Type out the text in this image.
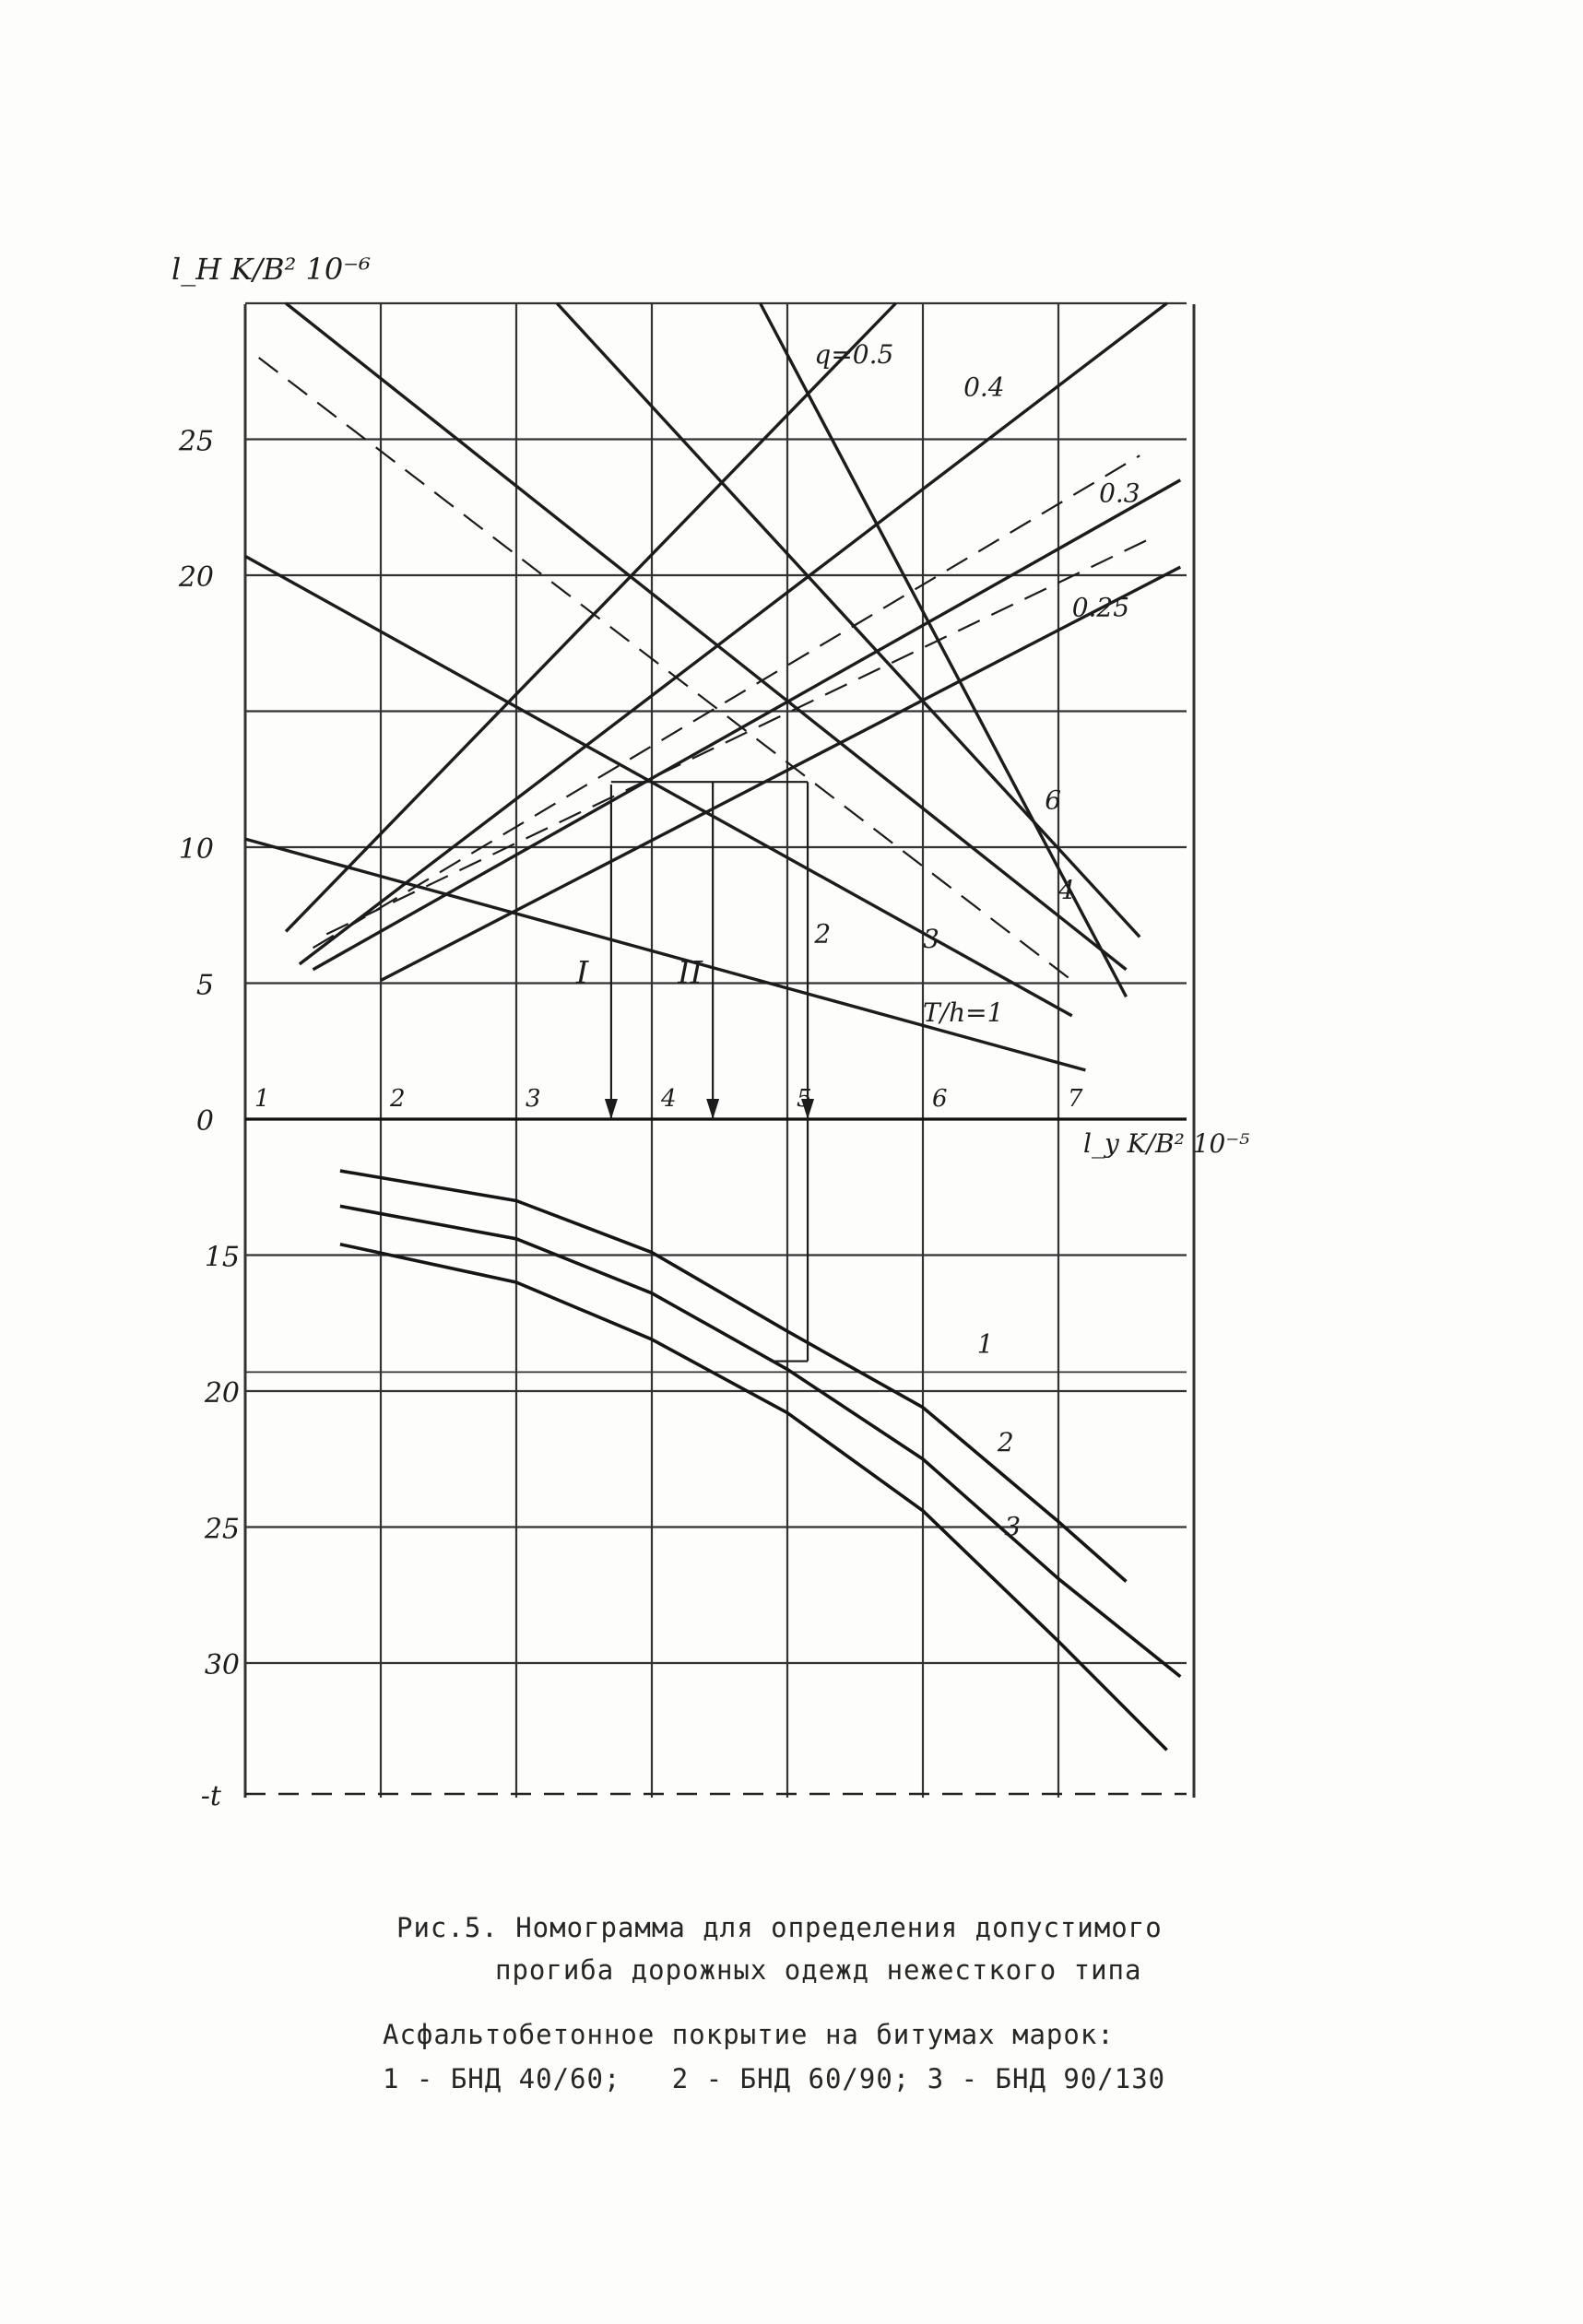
0
5
10
20
25
15
20
25
30
-t
1	2	3	4	5	6	7
l_H K/B² 10⁻⁶
l_y K/B² 10⁻⁵
T/h=1
2	3
4
6
q=0.5
0.4
0.3
0.25
I	II
1
2
3
Рис.5. Номограмма для определения допустимого
прогиба дорожных одежд нежесткого типа
Асфальтобетонное покрытие на битумах марок:
1 - БНД 40/60;   2 - БНД 60/90; 3 - БНД 90/130
